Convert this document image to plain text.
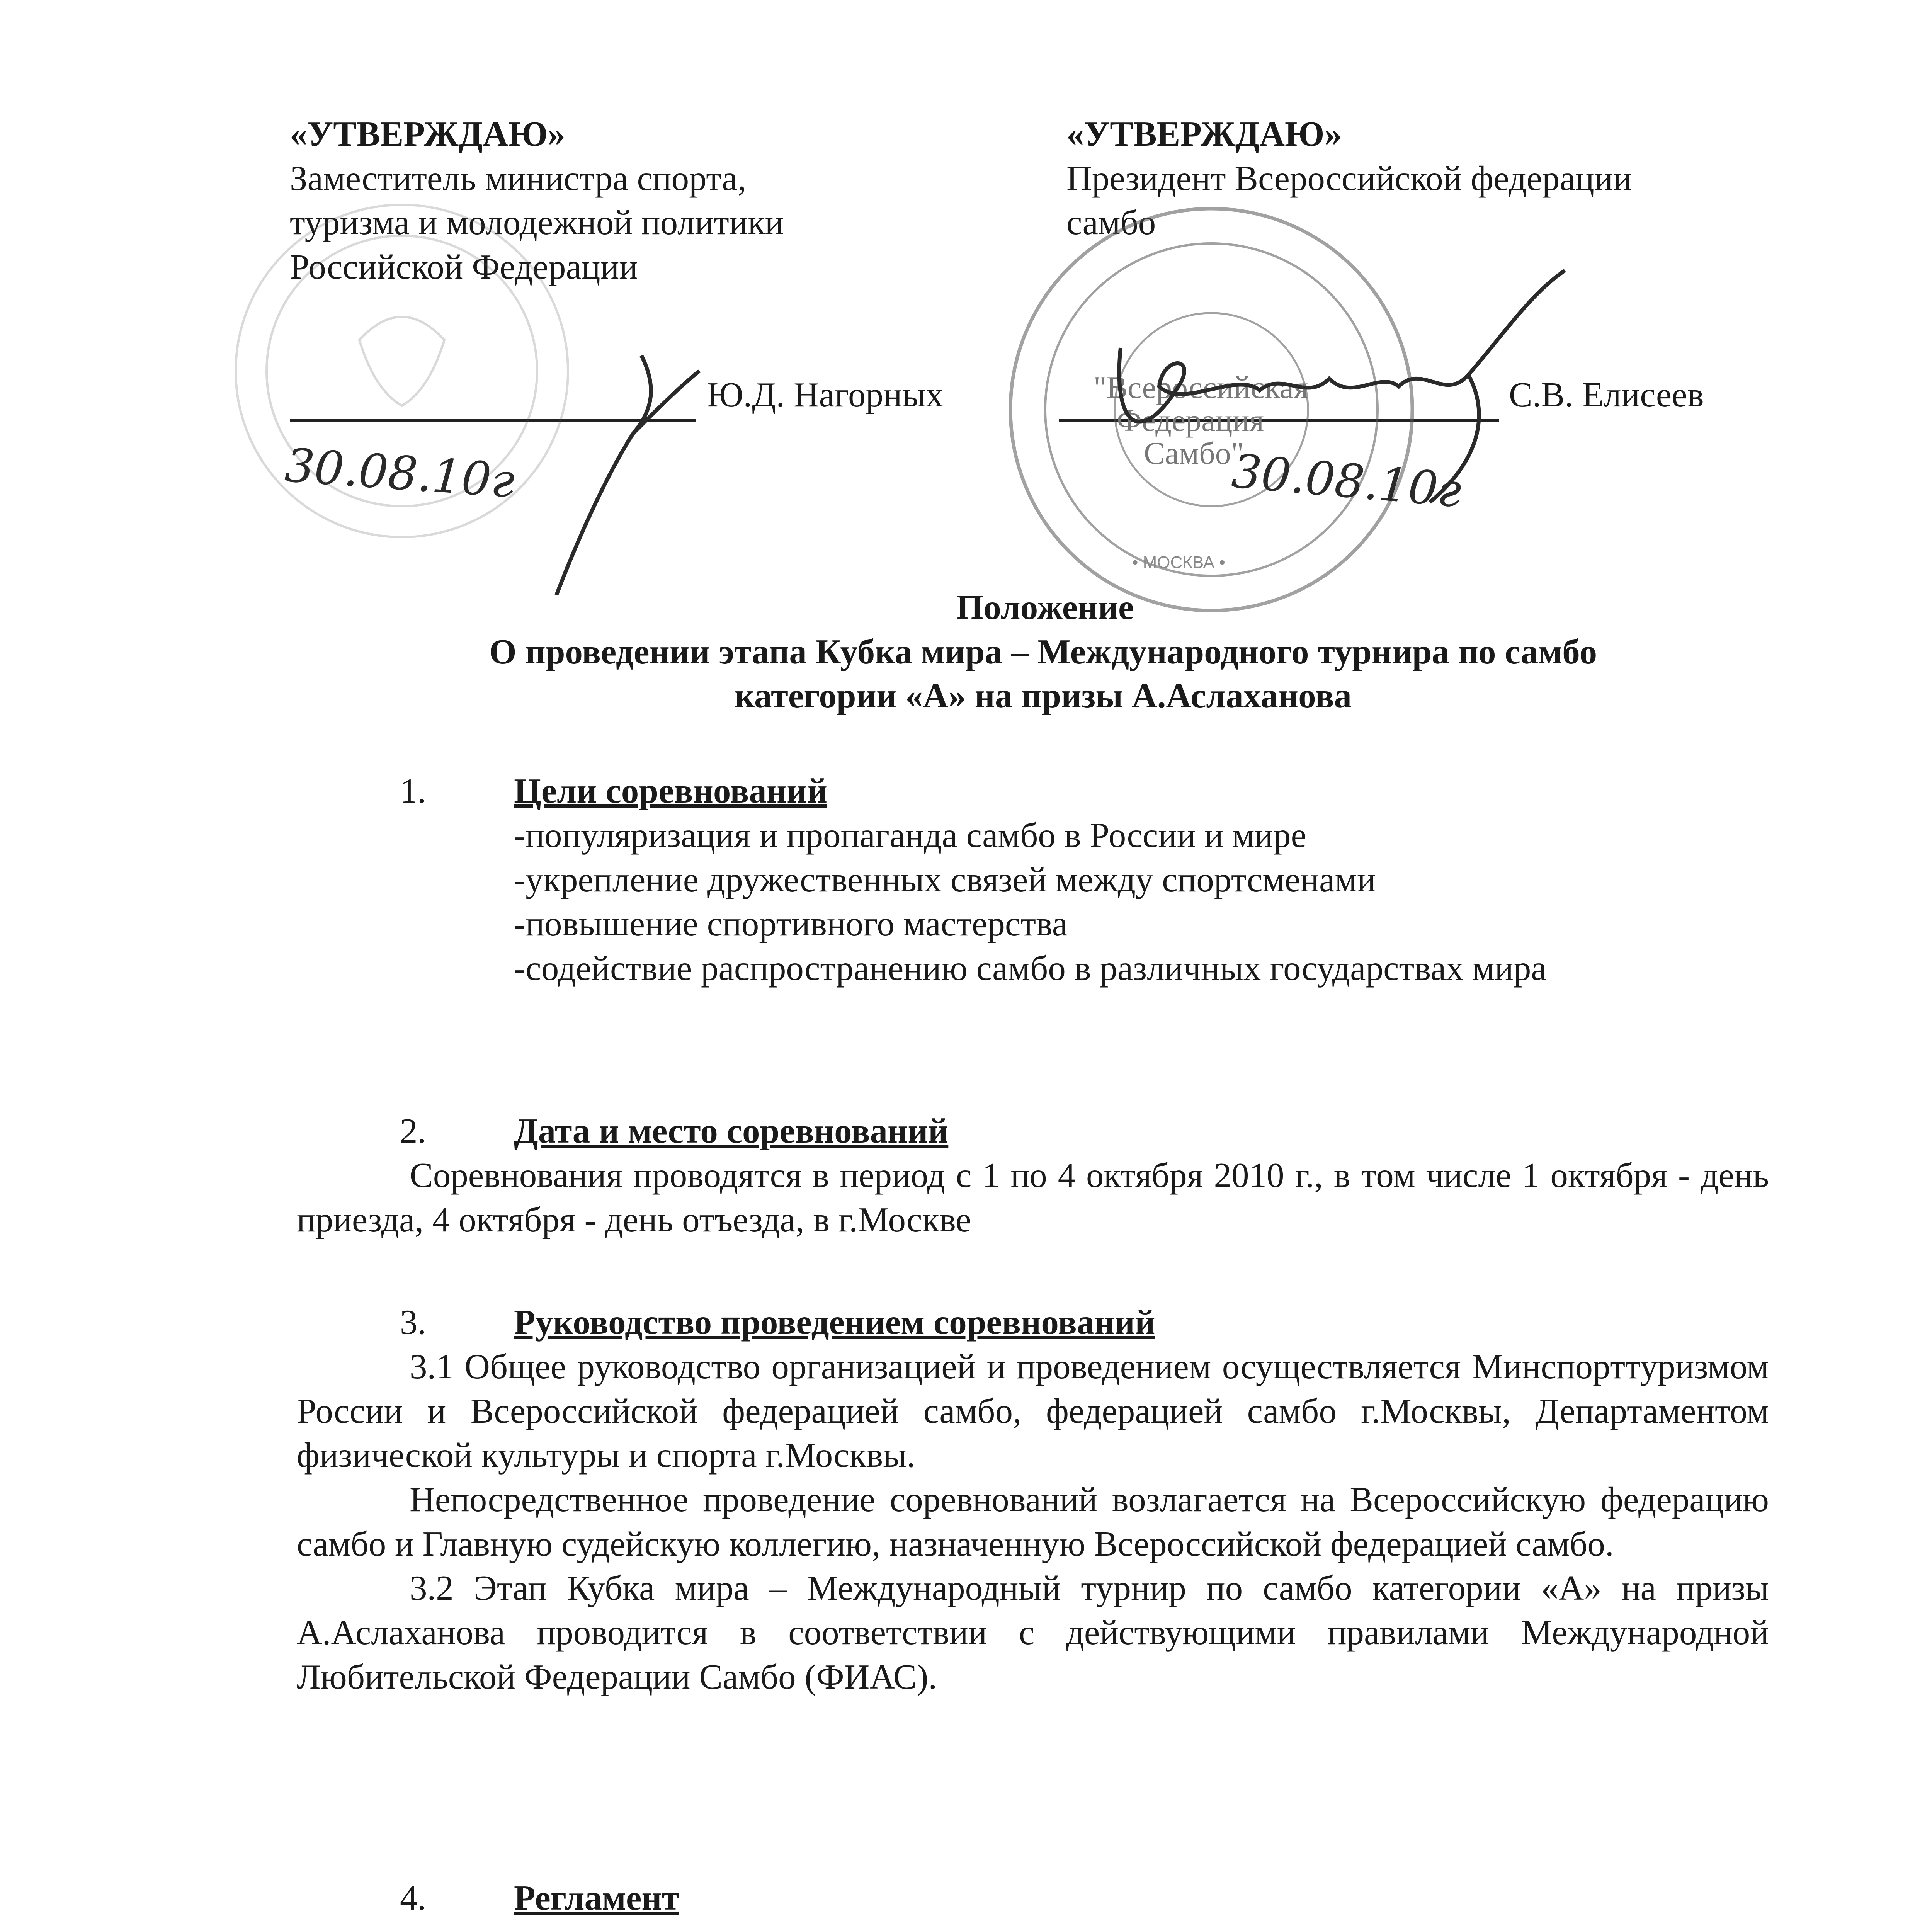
«УТВЕРЖДАЮ»
Заместитель министра спорта,
туризма и молодежной политики
Российской Федерации
Ю.Д. Нагорных
«УТВЕРЖДАЮ»
Президент Всероссийской федерации
самбо
С.В. Елисеев
"Всероссийская
Федерация
Самбо"
• МОСКВА •
30.08.10г	30.08.10г
Положение
О проведении этапа Кубка мира – Международного турнира по самбо
категории «А» на призы А.Аслаханова
1. Цели соревнований
-популяризация и пропаганда самбо в России и мире
-укрепление дружественных связей между спортсменами
-повышение спортивного мастерства
-содействие распространению самбо в различных государствах мира
2. Дата и место соревнований
Соревнования проводятся в период с 1 по 4 октября 2010 г., в том числе 1 октября - день приезда, 4 октября - день отъезда, в г.Москве
3. Руководство проведением соревнований
3.1 Общее руководство организацией и проведением осуществляется Минспорттуризмом России и Всероссийской федерацией самбо, федерацией самбо г.Москвы, Департаментом физической культуры и спорта г.Москвы.
Непосредственное проведение соревнований возлагается на Всероссийскую федерацию самбо и Главную судейскую коллегию, назначенную Всероссийской федерацией самбо.
3.2 Этап Кубка мира – Международный турнир по самбо категории «А» на призы А.Аслаханова проводится в соответствии с действующими правилами Международной Любительской Федерации Самбо (ФИАС).
4. Регламент
